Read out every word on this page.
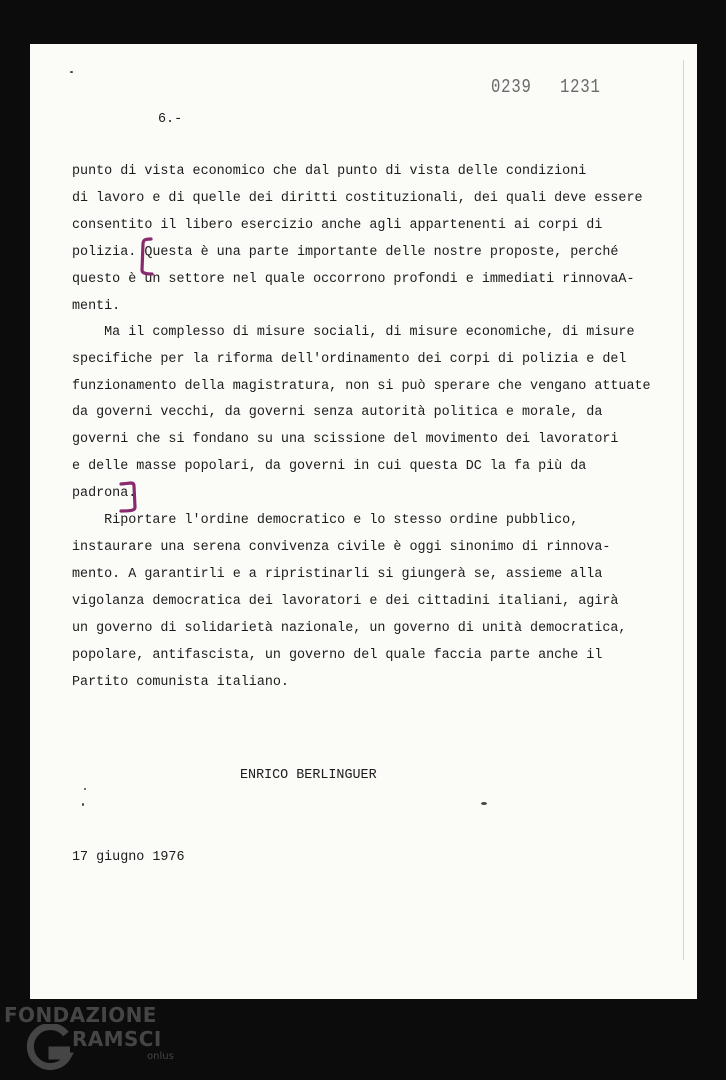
0239 1231
6.-
punto di vista economico che dal punto di vista delle condizioni
di lavoro e di quelle dei diritti costituzionali, dei quali deve essere
consentito il libero esercizio anche agli appartenenti ai corpi di
polizia. Questa è una parte importante delle nostre proposte, perché
questo è un settore nel quale occorrono profondi e immediati rinnovaA-
menti.
Ma il complesso di misure sociali, di misure economiche, di misure
specifiche per la riforma dell'ordinamento dei corpi di polizia e del
funzionamento della magistratura, non si può sperare che vengano attuate
da governi vecchi, da governi senza autorità politica e morale, da
governi che si fondano su una scissione del movimento dei lavoratori
e delle masse popolari, da governi in cui questa DC la fa più da
padrona.
Riportare l'ordine democratico e lo stesso ordine pubblico,
instaurare una serena convivenza civile è oggi sinonimo di rinnova-
mento. A garantirli e a ripristinarli si giungerà se, assieme alla
vigolanza democratica dei lavoratori e dei cittadini italiani, agirà
un governo di solidarietà nazionale, un governo di unità democratica,
popolare, antifascista, un governo del quale faccia parte anche il
Partito comunista italiano.
ENRICO BERLINGUER
17 giugno 1976
FONDAZIONE
RAMSCI
onlus
